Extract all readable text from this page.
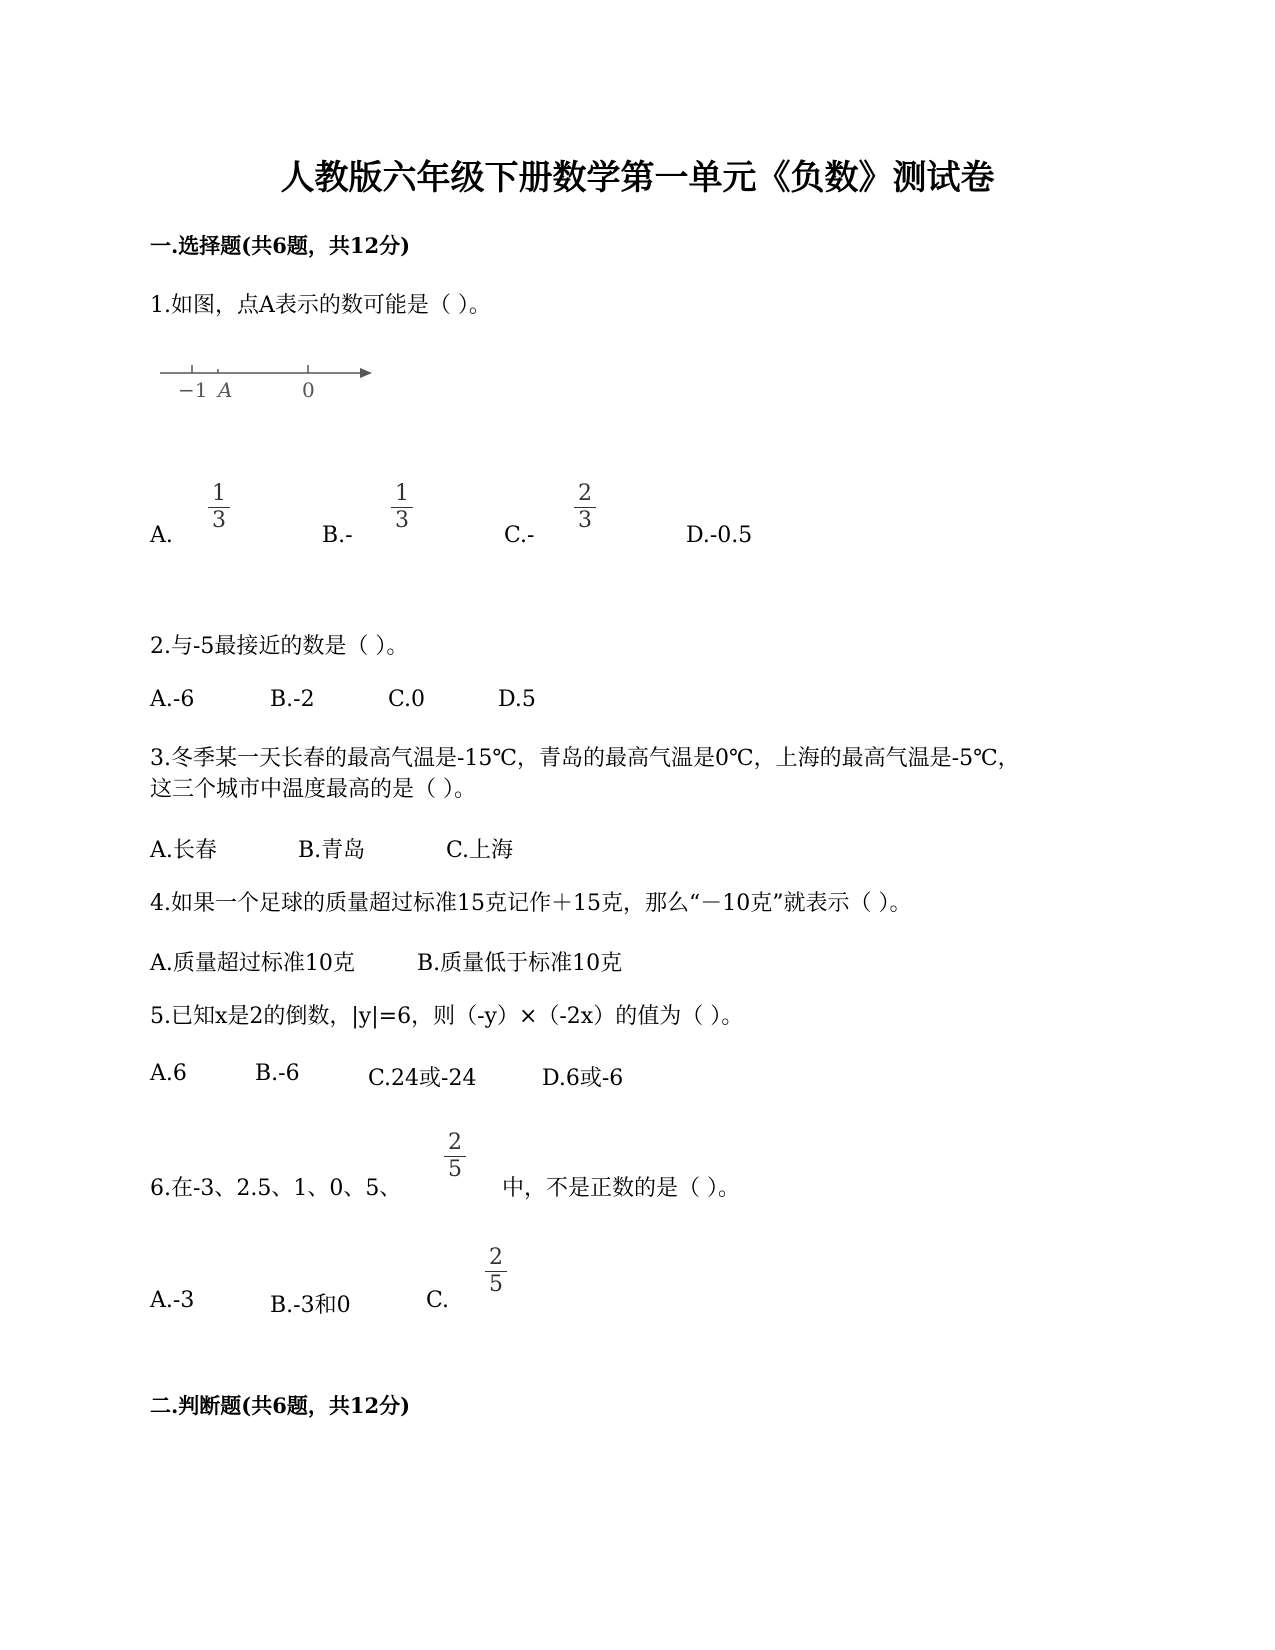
人教版六年级下册数学第一单元《负数》测试卷
一.选择题(共6题，共12分)
1.如图，点A表示的数可能是（ ）。
−1 A	0
A.
1
3
B.-
1
3
C.-
2
3
D.-0.5
2.与-5最接近的数是（ ）。
A.-6	B.-2	C.0	D.5
3.冬季某一天长春的最高气温是-15℃，青岛的最高气温是0℃，上海的最高气温是-5℃，
这三个城市中温度最高的是（ ）。
A.长春	B.青岛	C.上海
4.如果一个足球的质量超过标准15克记作＋15克，那么“－10克”就表示（ ）。
A.质量超过标准10克	B.质量低于标准10克
5.已知x是2的倒数，|y|=6，则（-y）×（-2x）的值为（ ）。
A.6	B.-6	C.24或-24	D.6或-6
6.在-3、2.5、1、0、5、
2
5
中，不是正数的是（ ）。
A.-3	B.-3和0	C.
2
5
二.判断题(共6题，共12分)
